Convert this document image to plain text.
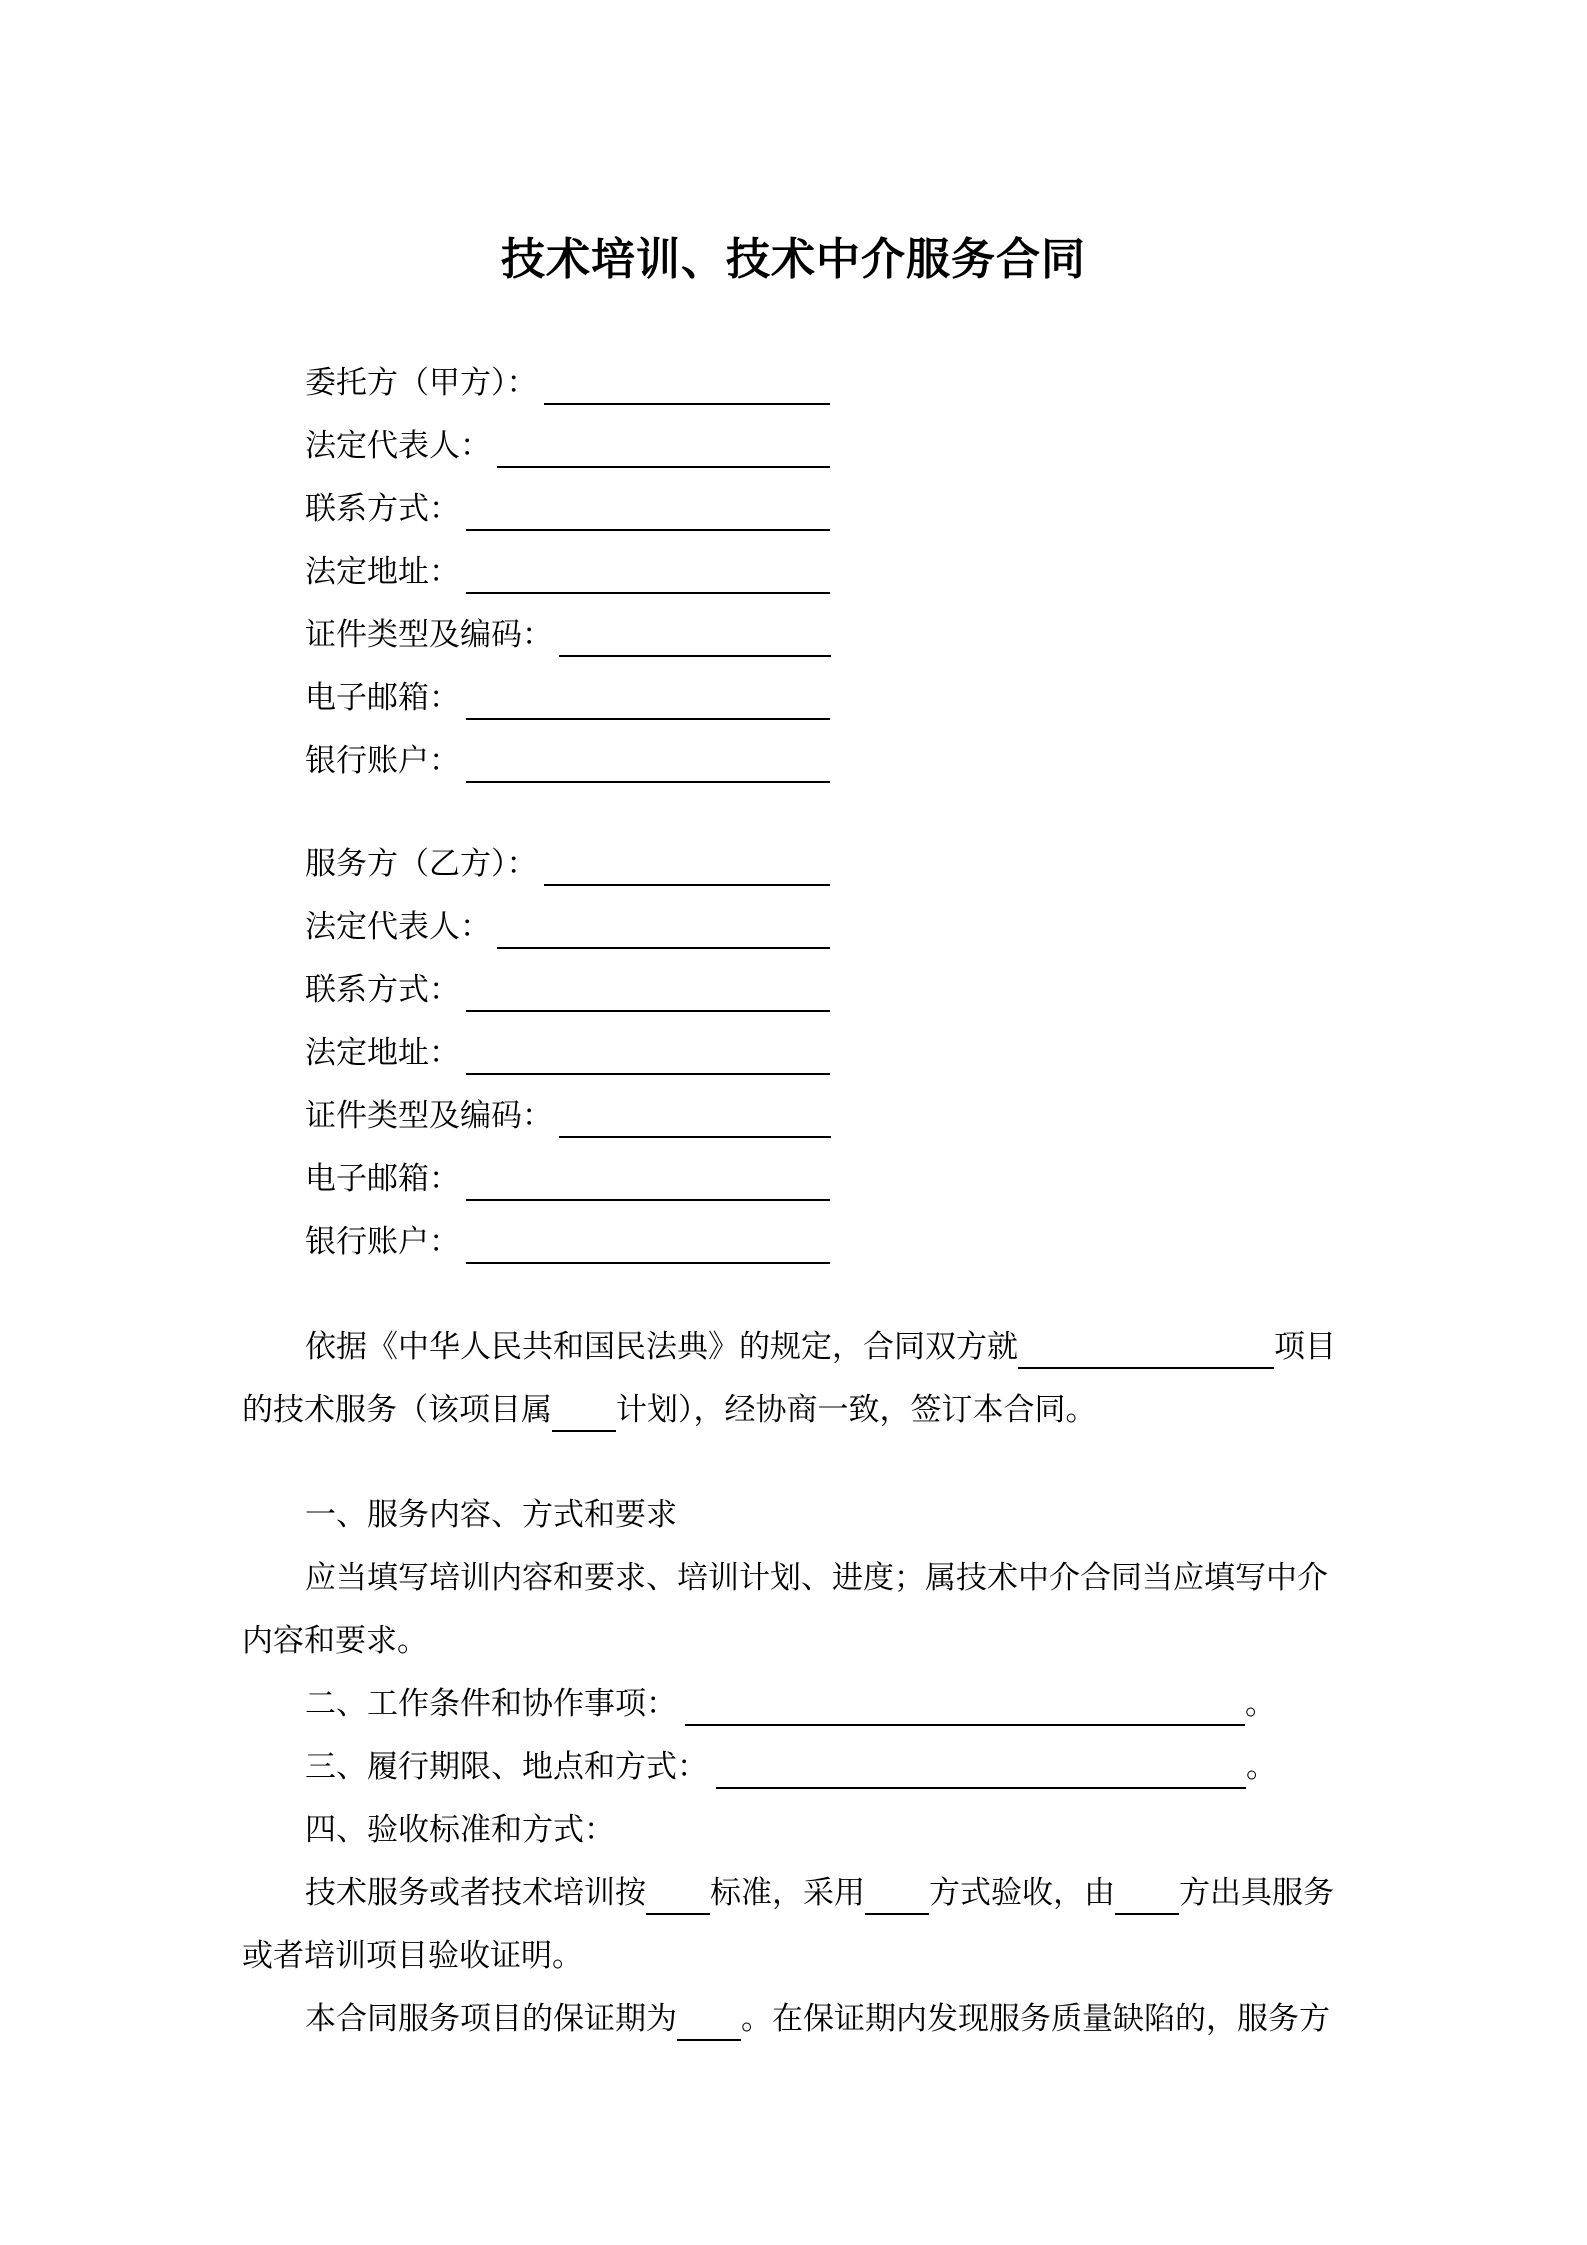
技术培训、技术中介服务合同
委托方（甲方）：
法定代表人：
联系方式：
法定地址：
证件类型及编码：
电子邮箱：
银行账户：
服务方（乙方）：
法定代表人：
联系方式：
法定地址：
证件类型及编码：
电子邮箱：
银行账户：
依据《中华人民共和国民法典》的规定，合同双方就	项目
的技术服务（该项目属 计划），经协商一致，签订本合同。
一、服务内容、方式和要求
应当填写培训内容和要求、培训计划、进度；属技术中介合同当应填写中介
内容和要求。
二、工作条件和协作事项：	。
三、履行期限、地点和方式：	。
四、验收标准和方式：
技术服务或者技术培训按 标准，采用 方式验收，由 方出具服务
或者培训项目验收证明。
本合同服务项目的保证期为 。在保证期内发现服务质量缺陷的，服务方
